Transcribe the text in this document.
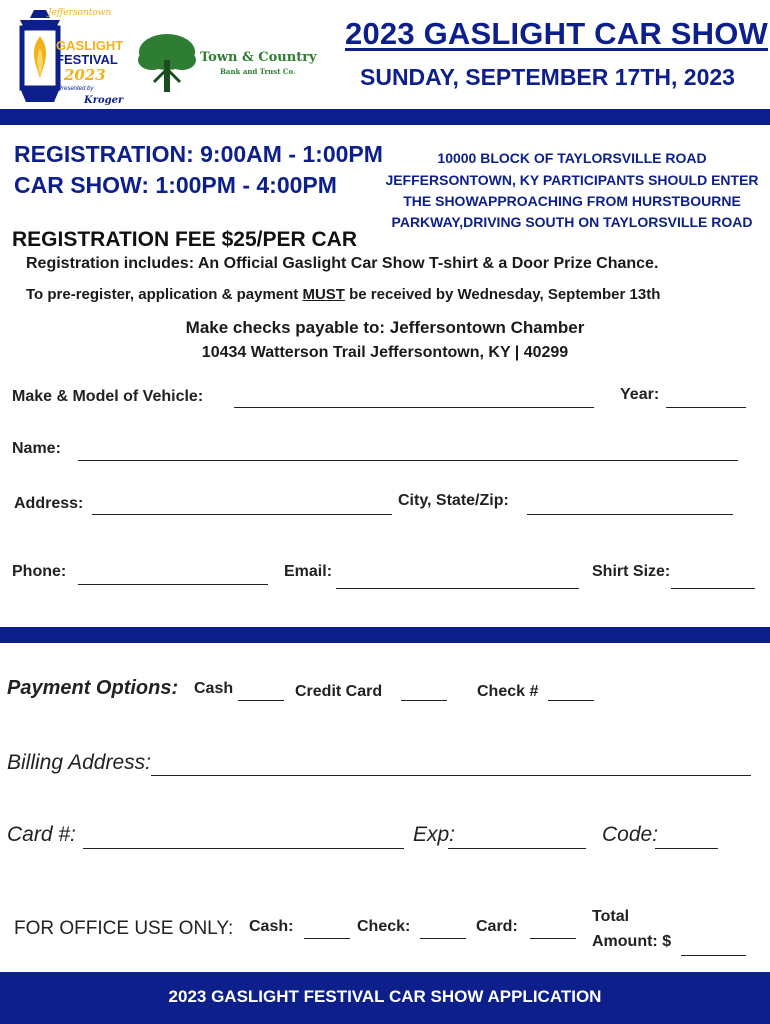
Jeffersontown
GASLIGHT
FESTIVAL
2023
Presented by
Kroger
Town & Country
Bank and Trust Co.
2023 GASLIGHT CAR SHOW
SUNDAY, SEPTEMBER 17TH, 2023
REGISTRATION: 9:00AM - 1:00PM
CAR SHOW: 1:00PM - 4:00PM
10000 BLOCK OF TAYLORSVILLE ROAD
JEFFERSONTOWN, KY PARTICIPANTS SHOULD ENTER
THE SHOWAPPROACHING FROM HURSTBOURNE
PARKWAY,DRIVING SOUTH ON TAYLORSVILLE ROAD
REGISTRATION FEE $25/PER CAR
Registration includes: An Official Gaslight Car Show T-shirt & a Door Prize Chance.
To pre-register, application & payment MUST be received by Wednesday, September 13th
Make checks payable to: Jeffersontown Chamber
10434 Watterson Trail Jeffersontown, KY | 40299
Make & Model of Vehicle:	Year:
Name:
Address:	City, State/Zip:
Phone:	Email:	Shirt Size:
Payment Options: Cash	Credit Card	Check #
Billing Address:
Card #:	Exp:	Code:
FOR OFFICE USE ONLY: Cash:	Check:	Card:
Total
Amount: $
2023 GASLIGHT FESTIVAL CAR SHOW APPLICATION
